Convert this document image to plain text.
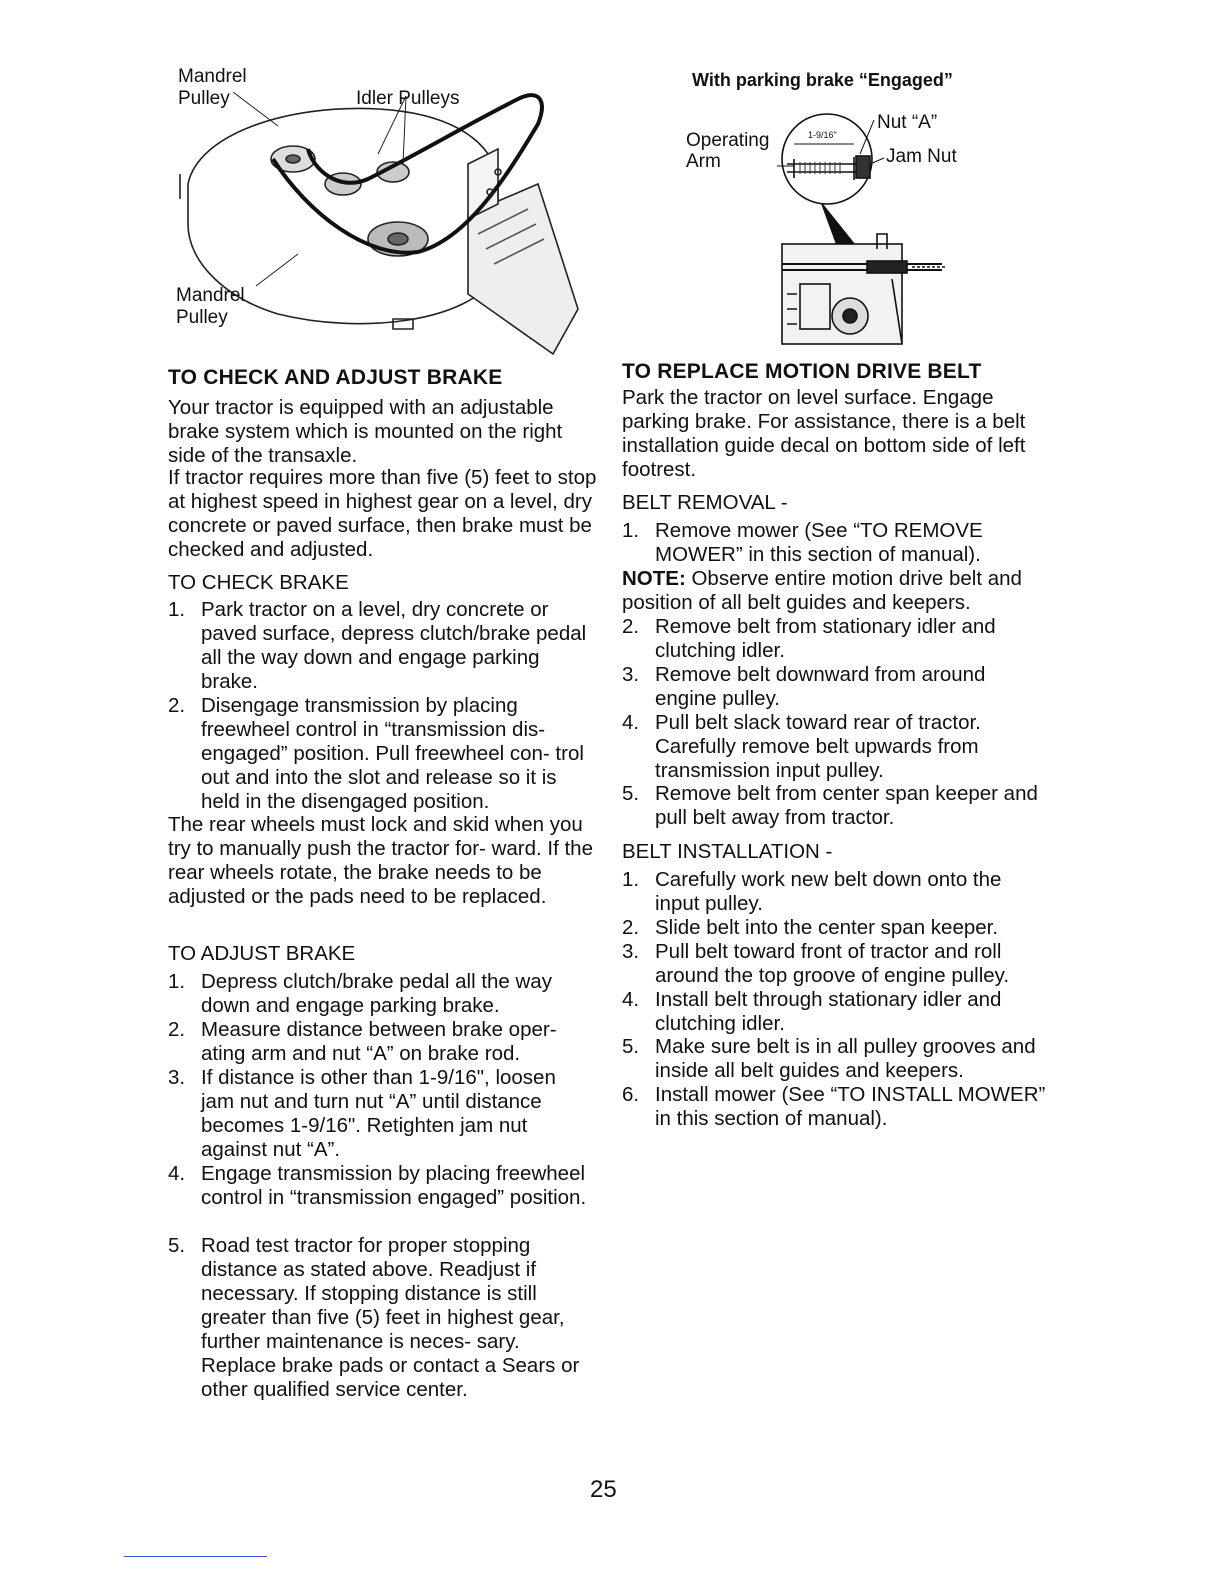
Mandrel
Pulley	Idler Pulleys
Mandrel
Pulley
With parking brake “Engaged”
1-9/16"
Operating
Arm
Nut “A”
Jam Nut
TO CHECK AND ADJUST BRAKE
Your tractor is equipped with an adjustable brake system which is mounted on the right side of the transaxle.
If tractor requires more than five (5) feet to stop at highest speed in highest gear on a level, dry concrete or paved surface, then brake must be checked and adjusted.
TO CHECK BRAKE
1. Park tractor on a level, dry concrete or paved surface, depress clutch/brake pedal all the way down and engage parking brake.
2. Disengage transmission by placing freewheel control in “transmission dis- engaged” position. Pull freewheel con- trol out and into the slot and release so it is held in the disengaged position.
The rear wheels must lock and skid when you try to manually push the tractor for- ward. If the rear wheels rotate, the brake needs to be adjusted or the pads need to be replaced.
TO ADJUST BRAKE
1. Depress clutch/brake pedal all the way down and engage parking brake.
2. Measure distance between brake oper- ating arm and nut “A” on brake rod.
3. If distance is other than 1-9/16", loosen jam nut and turn nut “A” until distance becomes 1-9/16". Retighten jam nut against nut “A”.
4. Engage transmission by placing freewheel control in “transmission engaged” position.
5. Road test tractor for proper stopping distance as stated above. Readjust if necessary. If stopping distance is still greater than five (5) feet in highest gear, further maintenance is neces- sary. Replace brake pads or contact a Sears or other qualified service center.
TO REPLACE MOTION DRIVE BELT
Park the tractor on level surface. Engage parking brake. For assistance, there is a belt installation guide decal on bottom side of left footrest.
BELT REMOVAL -
1. Remove mower (See “TO REMOVE MOWER” in this section of manual).
NOTE: Observe entire motion drive belt and position of all belt guides and keepers.
2. Remove belt from stationary idler and clutching idler.
3. Remove belt downward from around engine pulley.
4. Pull belt slack toward rear of tractor. Carefully remove belt upwards from transmission input pulley.
5. Remove belt from center span keeper and pull belt away from tractor.
BELT INSTALLATION -
1. Carefully work new belt down onto the input pulley.
2. Slide belt into the center span keeper.
3. Pull belt toward front of tractor and roll around the top groove of engine pulley.
4. Install belt through stationary idler and clutching idler.
5. Make sure belt is in all pulley grooves and inside all belt guides and keepers.
6. Install mower (See “TO INSTALL MOWER” in this section of manual).
25
